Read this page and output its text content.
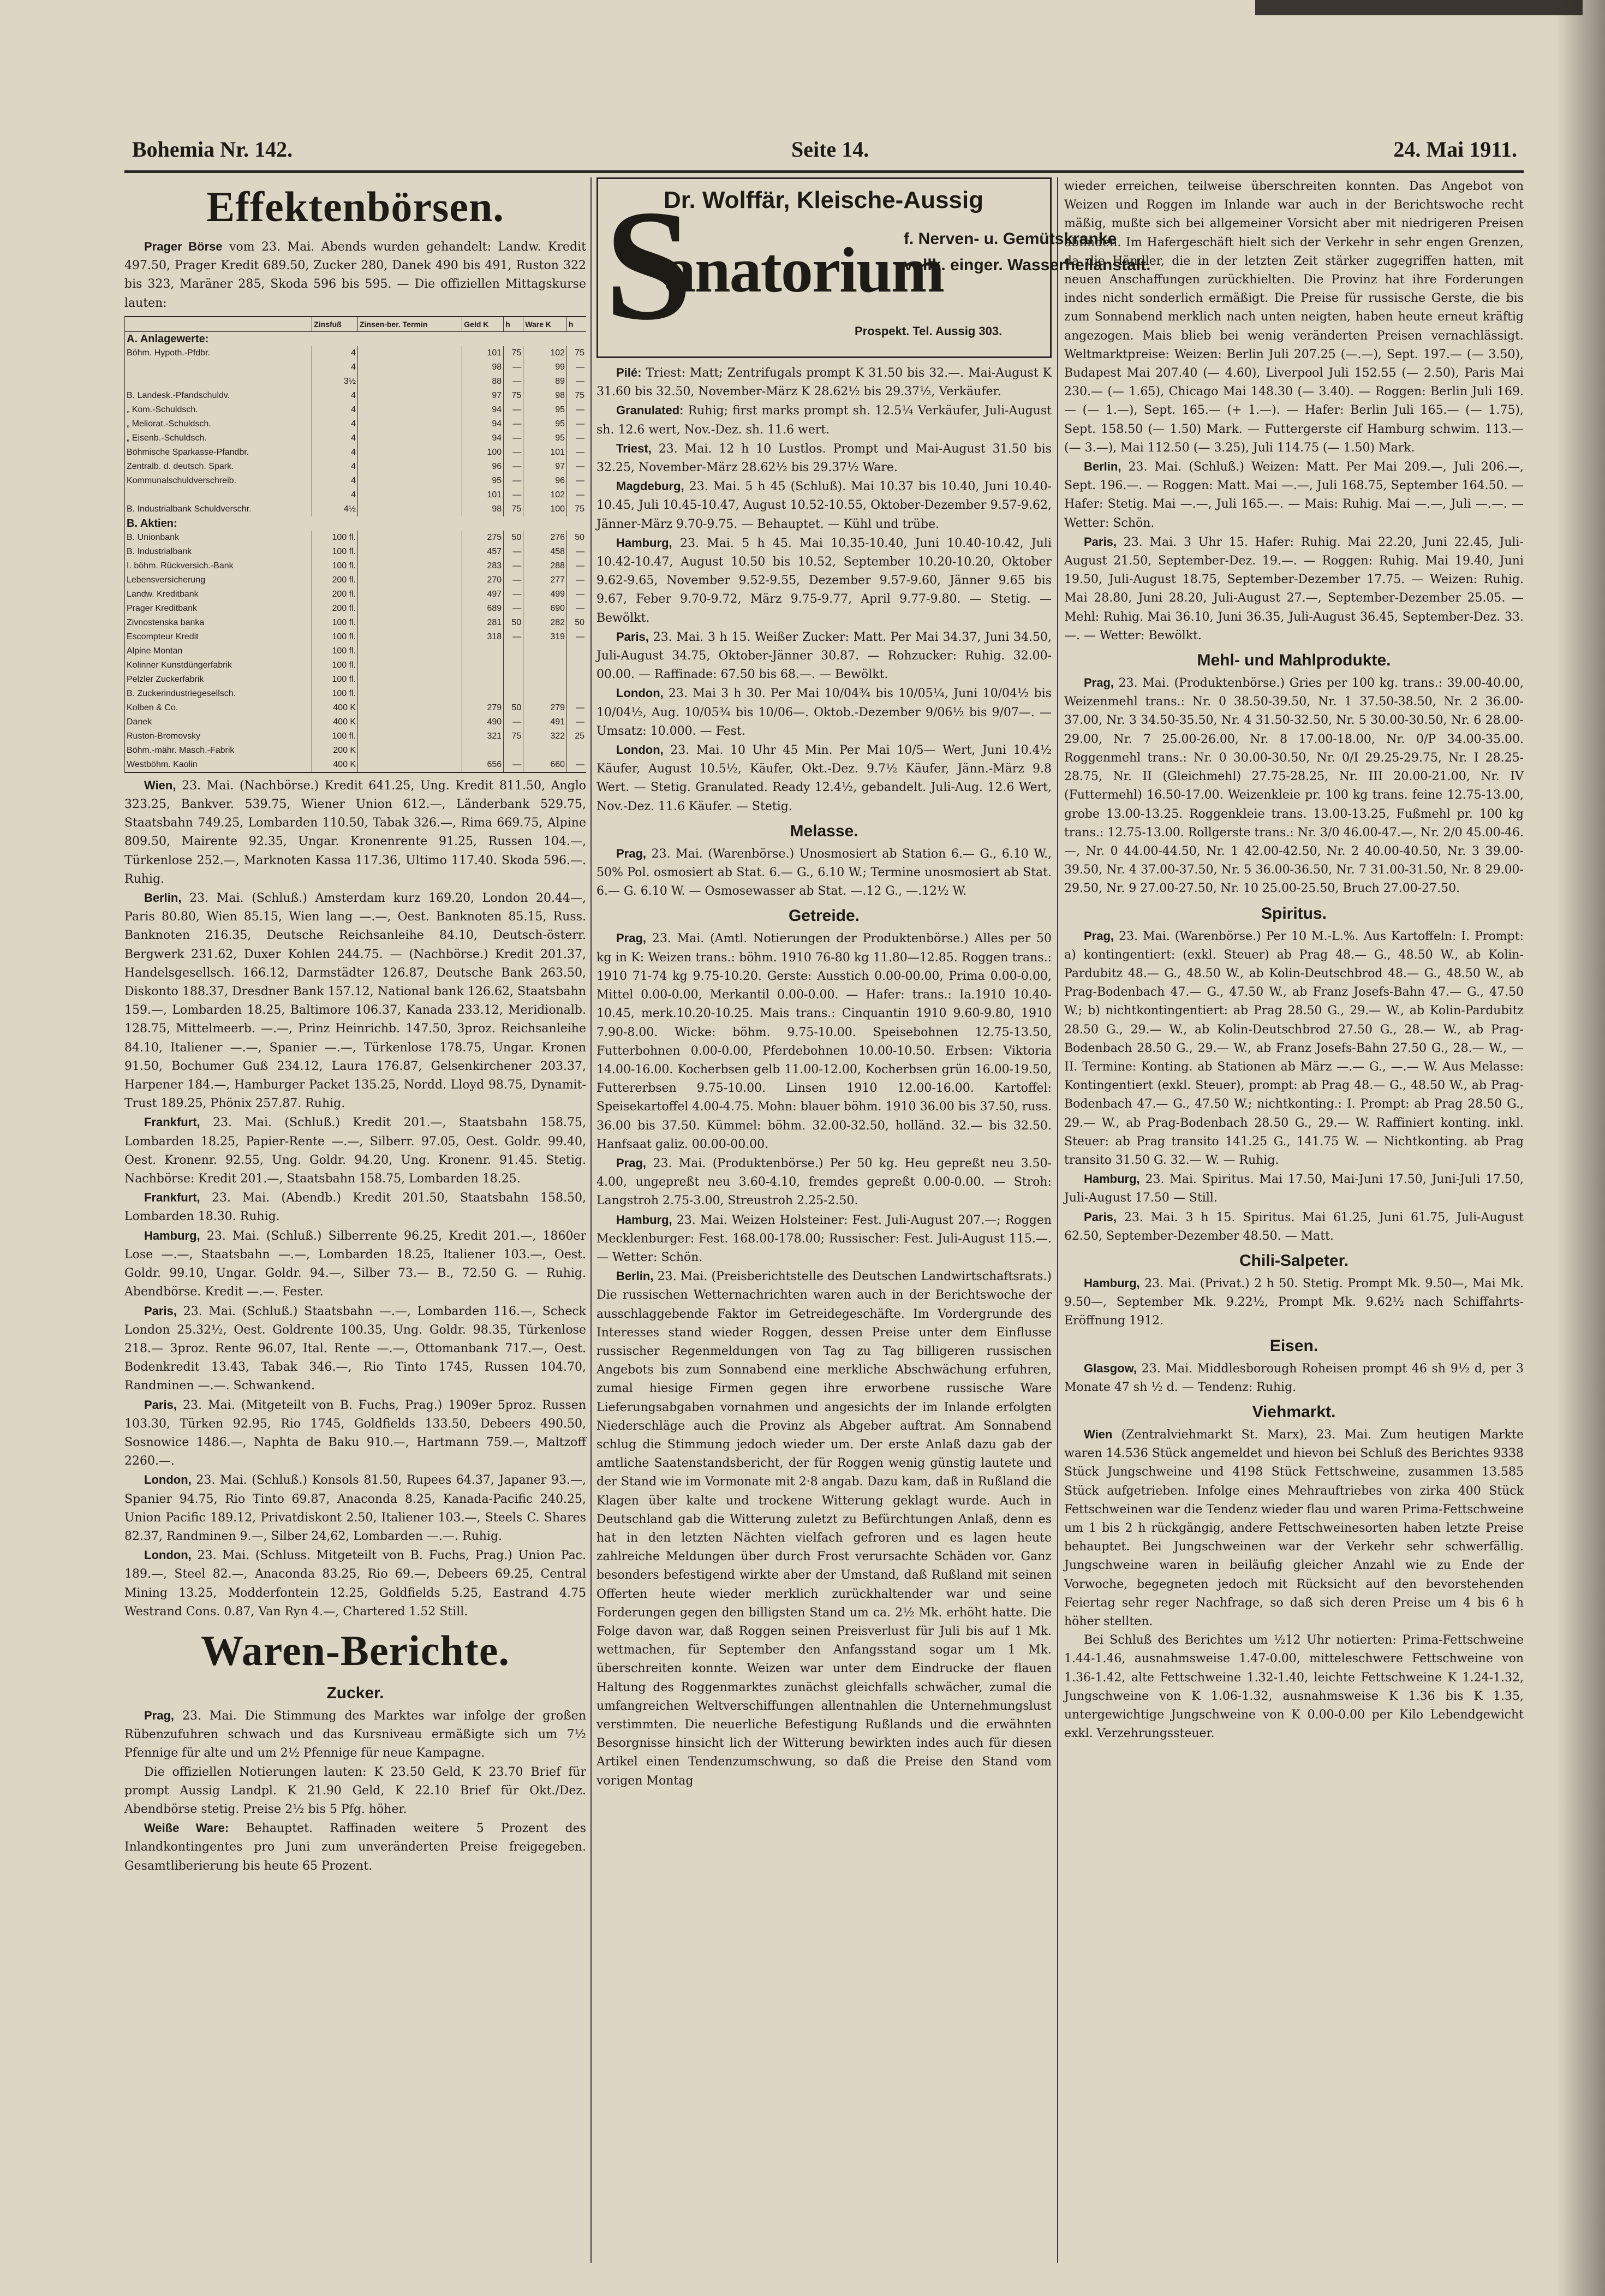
Bohemia Nr. 142.	Seite 14.	24. Mai 1911.
Effektenbörsen.

Prager Börse vom 23. Mai. Abends wurden gehandelt: Landw. Kredit 497.50, Prager Kredit 689.50, Zucker 280, Danek 490 bis 491, Ruston 322 bis 323, Maräner 285, Skoda 596 bis 595. — Die offiziellen Mittagskurse lauten:

	Zinsfuß	Zinsen-ber. Termin	Geld K	h	Ware K	h
A. Anlagewerte:						
Böhm. Hypoth.-Pfdbr.	4		101	75	102	75
	4		98	—	99	—
	3½		88	—	89	—
B. Landesk.-Pfandschuldv.	4		97	75	98	75
„ Kom.-Schuldsch.	4		94	—	95	—
„ Meliorat.-Schuldsch.	4		94	—	95	—
„ Eisenb.-Schuldsch.	4		94	—	95	—
Böhmische Sparkasse-Pfandbr.	4		100	—	101	—
Zentralb. d. deutsch. Spark.	4		96	—	97	—
Kommunalschuldverschreib.	4		95	—	96	—
	4		101	—	102	—
B. Industrialbank Schuldverschr.	4½		98	75	100	75
B. Aktien:						
B. Unionbank	100 fl.		275	50	276	50
B. Industrialbank	100 fl.		457	—	458	—
I. böhm. Rückversich.-Bank	100 fl.		283	—	288	—
Lebensversicherung	200 fl.		270	—	277	—
Landw. Kreditbank	200 fl.		497	—	499	—
Prager Kreditbank	200 fl.		689	—	690	—
Zivnostenska banka	100 fl.		281	50	282	50
Escompteur Kredit	100 fl.		318	—	319	—
Alpine Montan	100 fl.					
Kolinner Kunstdüngerfabrik	100 fl.					
Pelzler Zuckerfabrik	100 fl.					
B. Zuckerindustriegesellsch.	100 fl.					
Kolben & Co.	400 K		279	50	279	—
Danek	400 K		490	—	491	—
Ruston-Bromovsky	100 fl.		321	75	322	25
Böhm.-mähr. Masch.-Fabrik	200 K					
Westböhm. Kaolin	400 K		656	—	660	—

Wien, 23. Mai. (Nachbörse.) Kredit 641.25, Ung. Kredit 811.50, Anglo 323.25, Bankver. 539.75, Wiener Union 612.—, Länderbank 529.75, Staatsbahn 749.25, Lombarden 110.50, Tabak 326.—, Rima 669.75, Alpine 809.50, Mairente 92.35, Ungar. Kronenrente 91.25, Russen 104.—, Türkenlose 252.—, Marknoten Kassa 117.36, Ultimo 117.40. Skoda 596.—. Ruhig.

Berlin, 23. Mai. (Schluß.) Amsterdam kurz 169.20, London 20.44—, Paris 80.80, Wien 85.15, Wien lang —.—, Oest. Banknoten 85.15, Russ. Banknoten 216.35, Deutsche Reichsanleihe 84.10, Deutsch-österr. Bergwerk 231.62, Duxer Kohlen 244.75. — (Nachbörse.) Kredit 201.37, Handelsgesellsch. 166.12, Darmstädter 126.87, Deutsche Bank 263.50, Diskonto 188.37, Dresdner Bank 157.12, National bank 126.62, Staatsbahn 159.—, Lombarden 18.25, Baltimore 106.37, Kanada 233.12, Meridionalb. 128.75, Mittelmeerb. —.—, Prinz Heinrichb. 147.50, 3proz. Reichsanleihe 84.10, Italiener —.—, Spanier —.—, Türkenlose 178.75, Ungar. Kronen 91.50, Bochumer Guß 234.12, Laura 176.87, Gelsenkirchener 203.37, Harpener 184.—, Hamburger Packet 135.25, Nordd. Lloyd 98.75, Dynamit-Trust 189.25, Phönix 257.87. Ruhig.

Frankfurt, 23. Mai. (Schluß.) Kredit 201.—, Staatsbahn 158.75, Lombarden 18.25, Papier-Rente —.—, Silberr. 97.05, Oest. Goldr. 99.40, Oest. Kronenr. 92.55, Ung. Goldr. 94.20, Ung. Kronenr. 91.45. Stetig. Nachbörse: Kredit 201.—, Staatsbahn 158.75, Lombarden 18.25.

Frankfurt, 23. Mai. (Abendb.) Kredit 201.50, Staatsbahn 158.50, Lombarden 18.30. Ruhig.

Hamburg, 23. Mai. (Schluß.) Silberrente 96.25, Kredit 201.—, 1860er Lose —.—, Staatsbahn —.—, Lombarden 18.25, Italiener 103.—, Oest. Goldr. 99.10, Ungar. Goldr. 94.—, Silber 73.— B., 72.50 G. — Ruhig. Abendbörse. Kredit —.—. Fester.

Paris, 23. Mai. (Schluß.) Staatsbahn —.—, Lombarden 116.—, Scheck London 25.32½, Oest. Goldrente 100.35, Ung. Goldr. 98.35, Türkenlose 218.— 3proz. Rente 96.07, Ital. Rente —.—, Ottomanbank 717.—, Oest. Bodenkredit 13.43, Tabak 346.—, Rio Tinto 1745, Russen 104.70, Randminen —.—. Schwankend.

Paris, 23. Mai. (Mitgeteilt von B. Fuchs, Prag.) 1909er 5proz. Russen 103.30, Türken 92.95, Rio 1745, Goldfields 133.50, Debeers 490.50, Sosnowice 1486.—, Naphta de Baku 910.—, Hartmann 759.—, Maltzoff 2260.—.

London, 23. Mai. (Schluß.) Konsols 81.50, Rupees 64.37, Japaner 93.—, Spanier 94.75, Rio Tinto 69.87, Anaconda 8.25, Kanada-Pacific 240.25, Union Pacific 189.12, Privatdiskont 2.50, Italiener 103.—, Steels C. Shares 82.37, Randminen 9.—, Silber 24,62, Lombarden —.—. Ruhig.

London, 23. Mai. (Schluss. Mitgeteilt von B. Fuchs, Prag.) Union Pac. 189.—, Steel 82.—, Anaconda 83.25, Rio 69.—, Debeers 69.25, Central Mining 13.25, Modderfontein 12.25, Goldfields 5.25, Eastrand 4.75 Westrand Cons. 0.87, Van Ryn 4.—, Chartered 1.52 Still.

Waren-Berichte.
Zucker.

Prag, 23. Mai. Die Stimmung des Marktes war infolge der großen Rübenzufuhren schwach und das Kursniveau ermäßigte sich um 7½ Pfennige für alte und um 2½ Pfennige für neue Kampagne.

Die offiziellen Notierungen lauten: K 23.50 Geld, K 23.70 Brief für prompt Aussig Landpl. K 21.90 Geld, K 22.10 Brief für Okt./Dez. Abendbörse stetig. Preise 2½ bis 5 Pfg. höher.

Weiße Ware: Behauptet. Raffinaden weitere 5 Prozent des Inlandkontingentes pro Juni zum unveränderten Preise freigegeben. Gesamtliberierung bis heute 65 Prozent.

S
Dr. Wolffär, Kleische-Aussig
anatorium
f. Nerven- u. Gemütskranke
vollk. einger. Wasserheilanstalt.
Prospekt. Tel. Aussig 303.

Pilé: Triest: Matt; Zentrifugals prompt K 31.50 bis 32.—. Mai-August K 31.60 bis 32.50, November-März K 28.62½ bis 29.37½, Verkäufer.

Granulated: Ruhig; first marks prompt sh. 12.5¼ Verkäufer, Juli-August sh. 12.6 wert, Nov.-Dez. sh. 11.6 wert.

Triest, 23. Mai. 12 h 10 Lustlos. Prompt und Mai-August 31.50 bis 32.25, November-März 28.62½ bis 29.37½ Ware.

Magdeburg, 23. Mai. 5 h 45 (Schluß). Mai 10.37 bis 10.40, Juni 10.40-10.45, Juli 10.45-10.47, August 10.52-10.55, Oktober-Dezember 9.57-9.62, Jänner-März 9.70-9.75. — Behauptet. — Kühl und trübe.

Hamburg, 23. Mai. 5 h 45. Mai 10.35-10.40, Juni 10.40-10.42, Juli 10.42-10.47, August 10.50 bis 10.52, September 10.20-10.20, Oktober 9.62-9.65, November 9.52-9.55, Dezember 9.57-9.60, Jänner 9.65 bis 9.67, Feber 9.70-9.72, März 9.75-9.77, April 9.77-9.80. — Stetig. — Bewölkt.

Paris, 23. Mai. 3 h 15. Weißer Zucker: Matt. Per Mai 34.37, Juni 34.50, Juli-August 34.75, Oktober-Jänner 30.87. — Rohzucker: Ruhig. 32.00-00.00. — Raffinade: 67.50 bis 68.—. — Bewölkt.

London, 23. Mai 3 h 30. Per Mai 10/04¾ bis 10/05¼, Juni 10/04½ bis 10/04½, Aug. 10/05¾ bis 10/06—. Oktob.-Dezember 9/06½ bis 9/07—. — Umsatz: 10.000. — Fest.

London, 23. Mai. 10 Uhr 45 Min. Per Mai 10/5— Wert, Juni 10.4½ Käufer, August 10.5½, Käufer, Okt.-Dez. 9.7½ Käufer, Jänn.-März 9.8 Wert. — Stetig. Granulated. Ready 12.4½, gebandelt. Juli-Aug. 12.6 Wert, Nov.-Dez. 11.6 Käufer. — Stetig.

Melasse.

Prag, 23. Mai. (Warenbörse.) Unosmosiert ab Station 6.— G., 6.10 W., 50% Pol. osmosiert ab Stat. 6.— G., 6.10 W.; Termine unosmosiert ab Stat. 6.— G. 6.10 W. — Osmosewasser ab Stat. —.12 G., —.12½ W.

Getreide.

Prag, 23. Mai. (Amtl. Notierungen der Produktenbörse.) Alles per 50 kg in K: Weizen trans.: böhm. 1910 76-80 kg 11.80—12.85. Roggen trans.: 1910 71-74 kg 9.75-10.20. Gerste: Ausstich 0.00-00.00, Prima 0.00-0.00, Mittel 0.00-0.00, Merkantil 0.00-0.00. — Hafer: trans.: Ia.1910 10.40-10.45, merk.10.20-10.25. Mais trans.: Cinquantin 1910 9.60-9.80, 1910 7.90-8.00. Wicke: böhm. 9.75-10.00. Speisebohnen 12.75-13.50, Futterbohnen 0.00-0.00, Pferdebohnen 10.00-10.50. Erbsen: Viktoria 14.00-16.00. Kocherbsen gelb 11.00-12.00, Kocherbsen grün 16.00-19.50, Futtererbsen 9.75-10.00. Linsen 1910 12.00-16.00. Kartoffel: Speisekartoffel 4.00-4.75. Mohn: blauer böhm. 1910 36.00 bis 37.50, russ. 36.00 bis 37.50. Kümmel: böhm. 32.00-32.50, holländ. 32.— bis 32.50. Hanfsaat galiz. 00.00-00.00.

Prag, 23. Mai. (Produktenbörse.) Per 50 kg. Heu gepreßt neu 3.50-4.00, ungepreßt neu 3.60-4.10, fremdes gepreßt 0.00-0.00. — Stroh: Langstroh 2.75-3.00, Streustroh 2.25-2.50.

Hamburg, 23. Mai. Weizen Holsteiner: Fest. Juli-August 207.—; Roggen Mecklenburger: Fest. 168.00-178.00; Russischer: Fest. Juli-August 115.—. — Wetter: Schön.

Berlin, 23. Mai. (Preisberichtstelle des Deutschen Landwirtschaftsrats.) Die russischen Wetternachrichten waren auch in der Berichtswoche der ausschlaggebende Faktor im Getreidegeschäfte. Im Vordergrunde des Interesses stand wieder Roggen, dessen Preise unter dem Einflusse russischer Regenmeldungen von Tag zu Tag billigeren russischen Angebots bis zum Sonnabend eine merkliche Abschwächung erfuhren, zumal hiesige Firmen gegen ihre erworbene russische Ware Lieferungsabgaben vornahmen und angesichts der im Inlande erfolgten Niederschläge auch die Provinz als Abgeber auftrat. Am Sonnabend schlug die Stimmung jedoch wieder um. Der erste Anlaß dazu gab der amtliche Saatenstandsbericht, der für Roggen wenig günstig lautete und der Stand wie im Vormonate mit 2·8 angab. Dazu kam, daß in Rußland die Klagen über kalte und trockene Witterung geklagt wurde. Auch in Deutschland gab die Witterung zuletzt zu Befürchtungen Anlaß, denn es hat in den letzten Nächten vielfach gefroren und es lagen heute zahlreiche Meldungen über durch Frost verursachte Schäden vor. Ganz besonders befestigend wirkte aber der Umstand, daß Rußland mit seinen Offerten heute wieder merklich zurückhaltender war und seine Forderungen gegen den billigsten Stand um ca. 2½ Mk. erhöht hatte. Die Folge davon war, daß Roggen seinen Preisverlust für Juli bis auf 1 Mk. wettmachen, für September den Anfangsstand sogar um 1 Mk. überschreiten konnte. Weizen war unter dem Eindrucke der flauen Haltung des Roggenmarktes zunächst gleichfalls schwächer, zumal die umfangreichen Weltverschiffungen allentnahlen die Unternehmungslust verstimmten. Die neuerliche Befestigung Rußlands und die erwähnten Besorgnisse hinsicht lich der Witterung bewirkten indes auch für diesen Artikel einen Tendenzumschwung, so daß die Preise den Stand vom vorigen Montag

wieder erreichen, teilweise überschreiten konnten. Das Angebot von Weizen und Roggen im Inlande war auch in der Berichtswoche recht mäßig, mußte sich bei allgemeiner Vorsicht aber mit niedrigeren Preisen abfinden. Im Hafergeschäft hielt sich der Verkehr in sehr engen Grenzen, da die Händler, die in der letzten Zeit stärker zugegriffen hatten, mit neuen Anschaffungen zurückhielten. Die Provinz hat ihre Forderungen indes nicht sonderlich ermäßigt. Die Preise für russische Gerste, die bis zum Sonnabend merklich nach unten neigten, haben heute erneut kräftig angezogen. Mais blieb bei wenig veränderten Preisen vernachlässigt. Weltmarktpreise: Weizen: Berlin Juli 207.25 (—.—), Sept. 197.— (— 3.50), Budapest Mai 207.40 (— 4.60), Liverpool Juli 152.55 (— 2.50), Paris Mai 230.— (— 1.65), Chicago Mai 148.30 (— 3.40). — Roggen: Berlin Juli 169.— (— 1.—), Sept. 165.— (+ 1.—). — Hafer: Berlin Juli 165.— (— 1.75), Sept. 158.50 (— 1.50) Mark. — Futtergerste cif Hamburg schwim. 113.— (— 3.—), Mai 112.50 (— 3.25), Juli 114.75 (— 1.50) Mark.

Berlin, 23. Mai. (Schluß.) Weizen: Matt. Per Mai 209.—, Juli 206.—, Sept. 196.—. — Roggen: Matt. Mai —.—, Juli 168.75, September 164.50. — Hafer: Stetig. Mai —.—, Juli 165.—. — Mais: Ruhig. Mai —.—, Juli —.—. — Wetter: Schön.

Paris, 23. Mai. 3 Uhr 15. Hafer: Ruhig. Mai 22.20, Juni 22.45, Juli-August 21.50, September-Dez. 19.—. — Roggen: Ruhig. Mai 19.40, Juni 19.50, Juli-August 18.75, September-Dezember 17.75. — Weizen: Ruhig. Mai 28.80, Juni 28.20, Juli-August 27.—, September-Dezember 25.05. — Mehl: Ruhig. Mai 36.10, Juni 36.35, Juli-August 36.45, September-Dez. 33.—. — Wetter: Bewölkt.

Mehl- und Mahlprodukte.

Prag, 23. Mai. (Produktenbörse.) Gries per 100 kg. trans.: 39.00-40.00, Weizenmehl trans.: Nr. 0 38.50-39.50, Nr. 1 37.50-38.50, Nr. 2 36.00-37.00, Nr. 3 34.50-35.50, Nr. 4 31.50-32.50, Nr. 5 30.00-30.50, Nr. 6 28.00-29.00, Nr. 7 25.00-26.00, Nr. 8 17.00-18.00, Nr. 0/P 34.00-35.00. Roggenmehl trans.: Nr. 0 30.00-30.50, Nr. 0/I 29.25-29.75, Nr. I 28.25-28.75, Nr. II (Gleichmehl) 27.75-28.25, Nr. III 20.00-21.00, Nr. IV (Futtermehl) 16.50-17.00. Weizenkleie pr. 100 kg trans. feine 12.75-13.00, grobe 13.00-13.25. Roggenkleie trans. 13.00-13.25, Fußmehl pr. 100 kg trans.: 12.75-13.00. Rollgerste trans.: Nr. 3/0 46.00-47.—, Nr. 2/0 45.00-46.—, Nr. 0 44.00-44.50, Nr. 1 42.00-42.50, Nr. 2 40.00-40.50, Nr. 3 39.00-39.50, Nr. 4 37.00-37.50, Nr. 5 36.00-36.50, Nr. 7 31.00-31.50, Nr. 8 29.00-29.50, Nr. 9 27.00-27.50, Nr. 10 25.00-25.50, Bruch 27.00-27.50.

Spiritus.

Prag, 23. Mai. (Warenbörse.) Per 10 M.-L.%. Aus Kartoffeln: I. Prompt: a) kontingentiert: (exkl. Steuer) ab Prag 48.— G., 48.50 W., ab Kolin-Pardubitz 48.— G., 48.50 W., ab Kolin-Deutschbrod 48.— G., 48.50 W., ab Prag-Bodenbach 47.— G., 47.50 W., ab Franz Josefs-Bahn 47.— G., 47.50 W.; b) nichtkontingentiert: ab Prag 28.50 G., 29.— W., ab Kolin-Pardubitz 28.50 G., 29.— W., ab Kolin-Deutschbrod 27.50 G., 28.— W., ab Prag-Bodenbach 28.50 G., 29.— W., ab Franz Josefs-Bahn 27.50 G., 28.— W., — II. Termine: Konting. ab Stationen ab März —.— G., —.— W. Aus Melasse: Kontingentiert (exkl. Steuer), prompt: ab Prag 48.— G., 48.50 W., ab Prag-Bodenbach 47.— G., 47.50 W.; nichtkonting.: I. Prompt: ab Prag 28.50 G., 29.— W., ab Prag-Bodenbach 28.50 G., 29.— W. Raffiniert konting. inkl. Steuer: ab Prag transito 141.25 G., 141.75 W. — Nichtkonting. ab Prag transito 31.50 G. 32.— W. — Ruhig.

Hamburg, 23. Mai. Spiritus. Mai 17.50, Mai-Juni 17.50, Juni-Juli 17.50, Juli-August 17.50 — Still.

Paris, 23. Mai. 3 h 15. Spiritus. Mai 61.25, Juni 61.75, Juli-August 62.50, September-Dezember 48.50. — Matt.

Chili-Salpeter.

Hamburg, 23. Mai. (Privat.) 2 h 50. Stetig. Prompt Mk. 9.50—, Mai Mk. 9.50—, September Mk. 9.22½, Prompt Mk. 9.62½ nach Schiffahrts-Eröffnung 1912.

Eisen.

Glasgow, 23. Mai. Middlesborough Roheisen prompt 46 sh 9½ d, per 3 Monate 47 sh ½ d. — Tendenz: Ruhig.

Viehmarkt.

Wien (Zentralviehmarkt St. Marx), 23. Mai. Zum heutigen Markte waren 14.536 Stück angemeldet und hievon bei Schluß des Berichtes 9338 Stück Jungschweine und 4198 Stück Fettschweine, zusammen 13.585 Stück aufgetrieben. Infolge eines Mehrauftriebes von zirka 400 Stück Fettschweinen war die Tendenz wieder flau und waren Prima-Fettschweine um 1 bis 2 h rückgängig, andere Fettschweinesorten haben letzte Preise behauptet. Bei Jungschweinen war der Verkehr sehr schwerfällig. Jungschweine waren in beiläufig gleicher Anzahl wie zu Ende der Vorwoche, begegneten jedoch mit Rücksicht auf den bevorstehenden Feiertag sehr reger Nachfrage, so daß sich deren Preise um 4 bis 6 h höher stellten.

Bei Schluß des Berichtes um ½12 Uhr notierten: Prima-Fettschweine 1.44-1.46, ausnahmsweise 1.47-0.00, mitteleschwere Fettschweine von 1.36-1.42, alte Fettschweine 1.32-1.40, leichte Fettschweine K 1.24-1.32, Jungschweine von K 1.06-1.32, ausnahmsweise K 1.36 bis K 1.35, untergewichtige Jungschweine von K 0.00-0.00 per Kilo Lebendgewicht exkl. Verzehrungssteuer.
